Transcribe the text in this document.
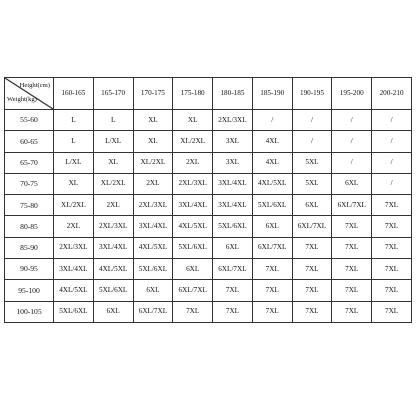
Height(cm)
Weight(kg)	160-165	165-170	170-175	175-180	180-185	185-190	190-195	195-200	200-210
55-60	L	L	XL	XL	2XL/3XL	/	/	/	/
60-65	L	L/XL	XL	XL/2XL	3XL	4XL	/	/	/
65-70	L/XL	XL	XL/2XL	2XL	3XL	4XL	5XL	/	/
70-75	XL	XL/2XL	2XL	2XL/3XL	3XL/4XL	4XL/5XL	5XL	6XL	/
75-80	XL/2XL	2XL	2XL/3XL	3XL/4XL	3XL/4XL	5XL/6XL	6XL	6XL/7XL	7XL
80-85	2XL	2XL/3XL	3XL/4XL	4XL/5XL	5XL/6XL	6XL	6XL/7XL	7XL	7XL
85-90	2XL/3XL	3XL/4XL	4XL/5XL	5XL/6XL	6XL	6XL/7XL	7XL	7XL	7XL
90-95	3XL/4XL	4XL/5XL	5XL/6XL	6XL	6XL/7XL	7XL	7XL	7XL	7XL
95-100	4XL/5XL	5XL/6XL	6XL	6XL/7XL	7XL	7XL	7XL	7XL	7XL
100-105	5XL/6XL	6XL	6XL/7XL	7XL	7XL	7XL	7XL	7XL	7XL
